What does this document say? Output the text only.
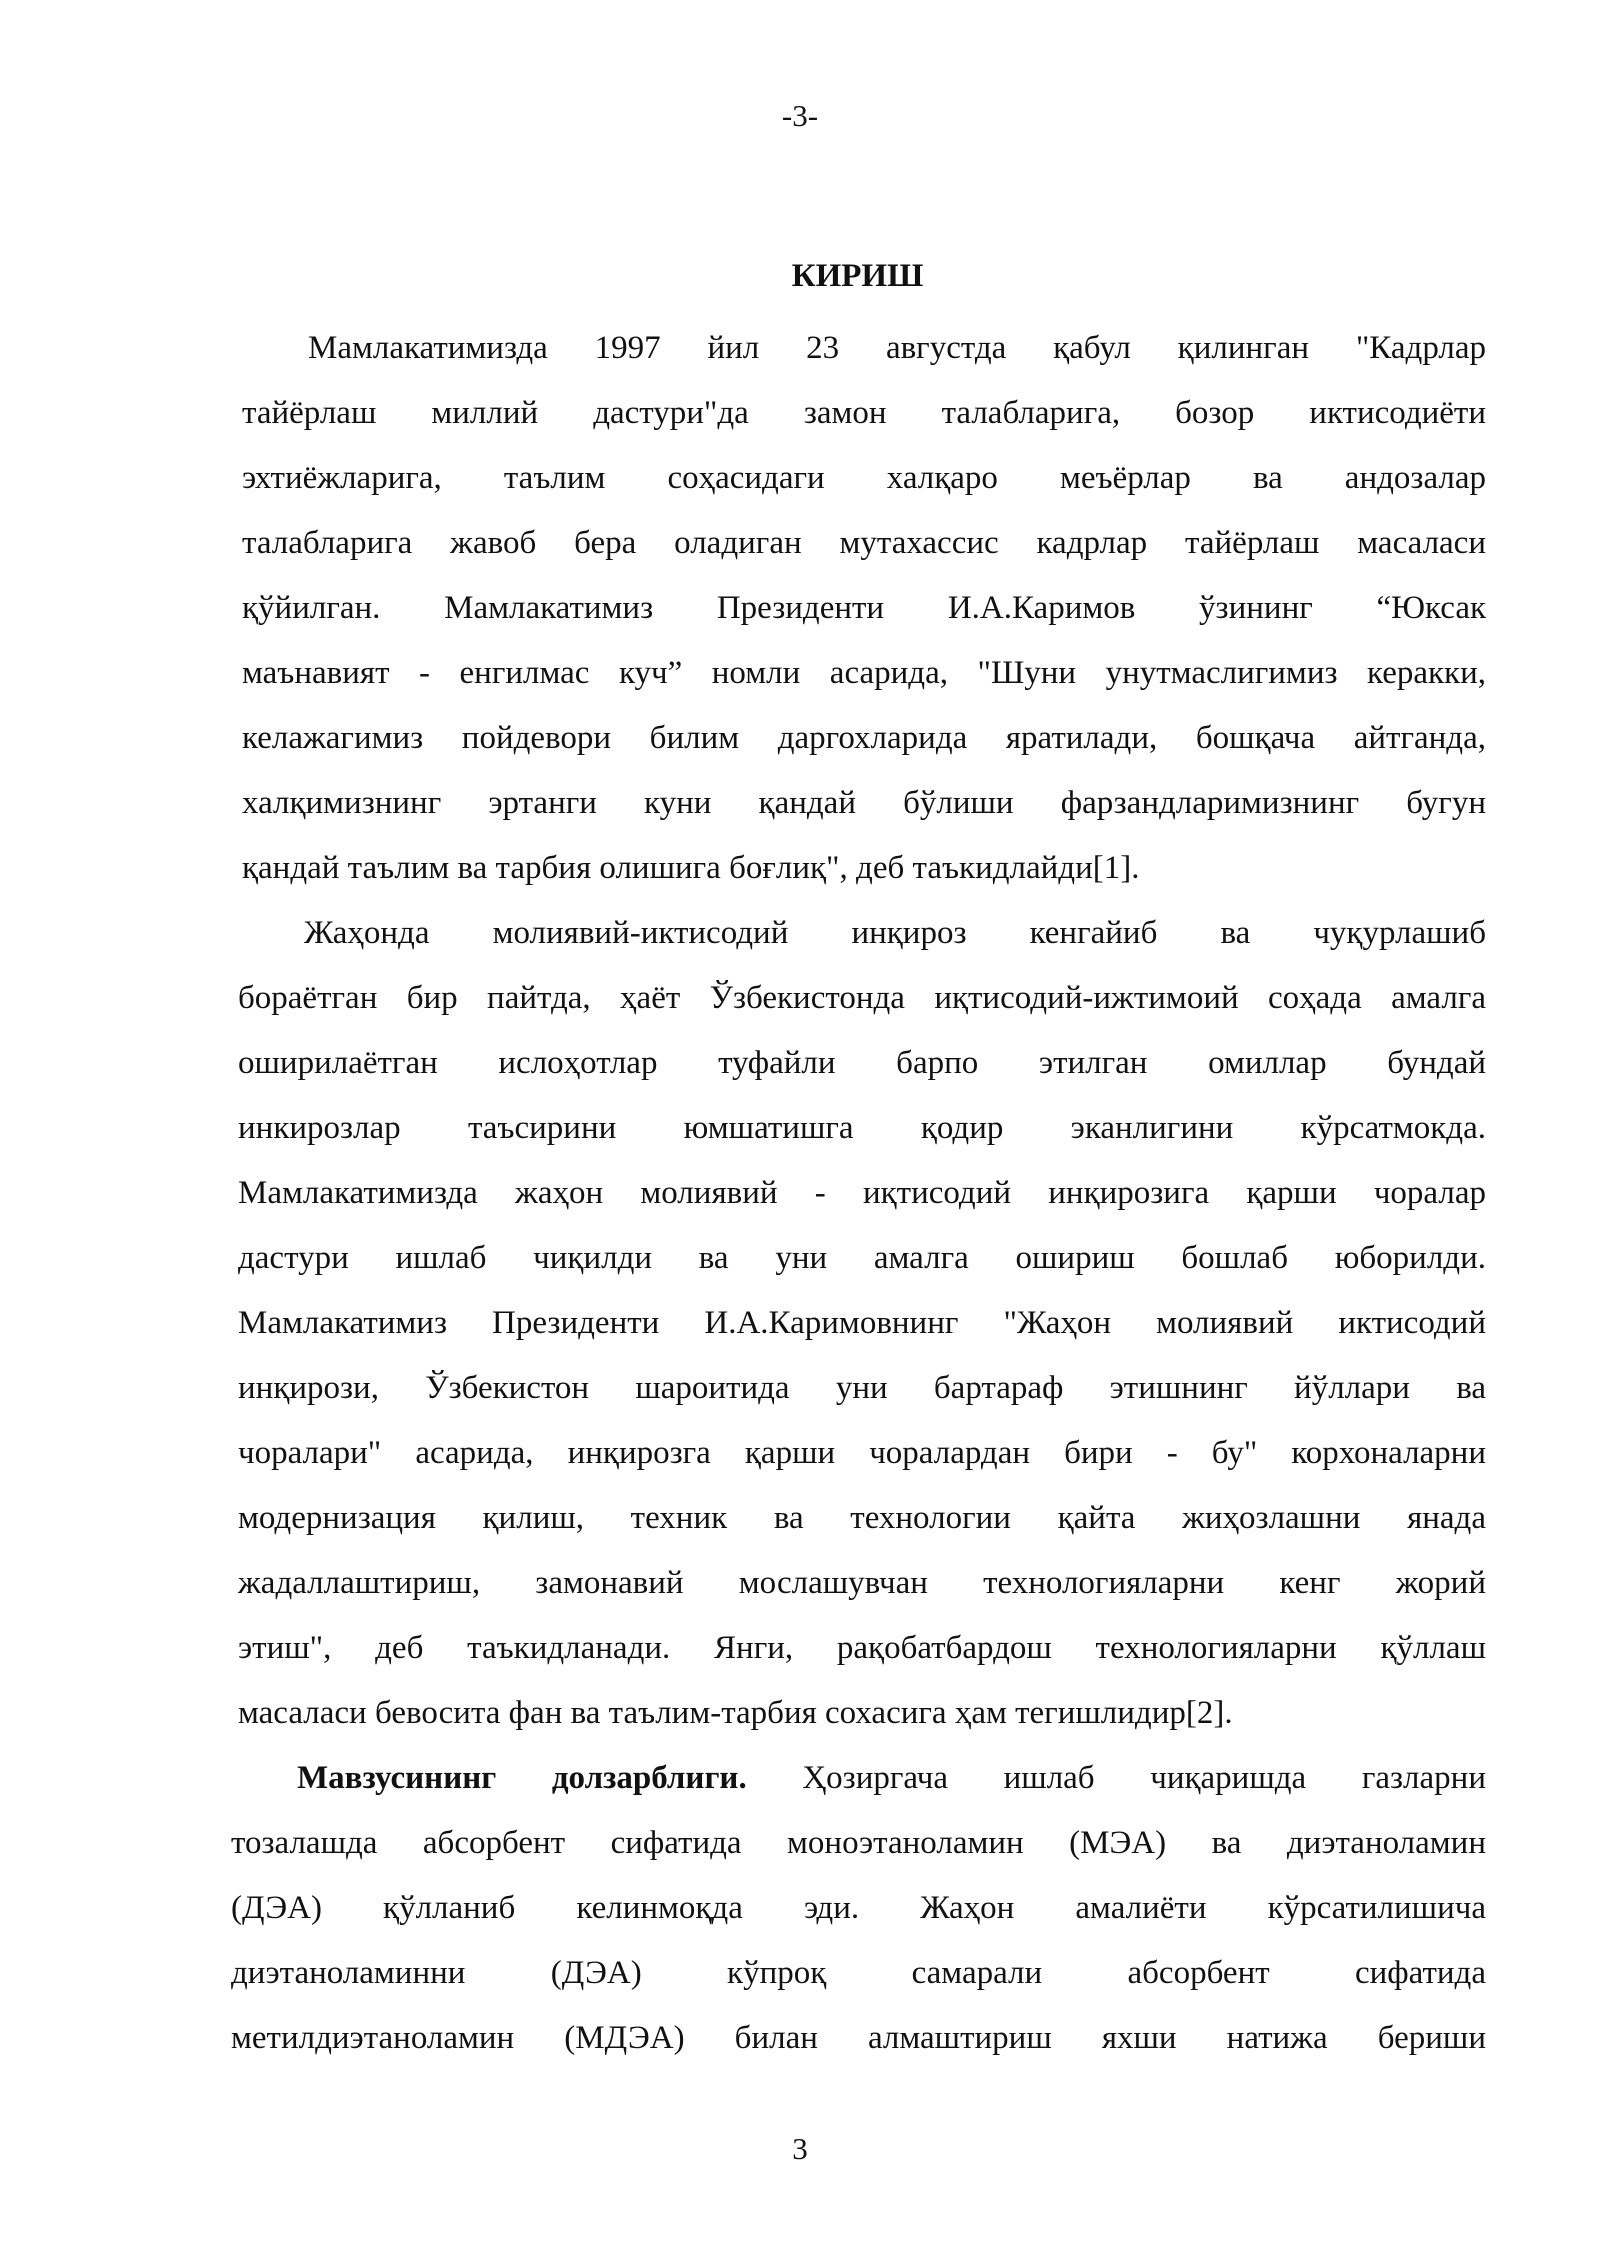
-3-
КИРИШ
Мамлакатимизда 1997 йил 23 августда қабул қилинган "Кадрлар
тайёрлаш миллий дастури"да замон талабларига, бозор иктисодиёти
эхтиёжларига, таълим соҳасидаги халқаро меъёрлар ва андозалар
талабларига жавоб бера оладиган мутахассис кадрлар тайёрлаш масаласи
қўйилган. Мамлакатимиз Президенти И.А.Каримов ўзининг “Юксак
маънавият - енгилмас куч” номли асарида, "Шуни унутмаслигимиз керакки,
келажагимиз пойдевори билим даргохларида яратилади, бошқача айтганда,
халқимизнинг эртанги куни қандай бўлиши фарзандларимизнинг бугун
қандай таълим ва тарбия олишига боғлиқ", деб таъкидлайди[1].
Жаҳонда молиявий-иктисодий инқироз кенгайиб ва чуқурлашиб
бораётган бир пайтда, ҳаёт Ўзбекистонда иқтисодий-ижтимоий соҳада амалга
оширилаётган ислоҳотлар туфайли барпо этилган омиллар бундай
инкирозлар таъсирини юмшатишга қодир эканлигини кўрсатмокда.
Мамлакатимизда жаҳон молиявий - иқтисодий инқирозига қарши чоралар
дастури ишлаб чиқилди ва уни амалга ошириш бошлаб юборилди.
Мамлакатимиз Президенти И.А.Каримовнинг "Жаҳон молиявий иктисодий
инқирози, Ўзбекистон шароитида уни бартараф этишнинг йўллари ва
чоралари" асарида, инқирозга қарши чоралардан бири - бу" корхоналарни
модернизация қилиш, техник ва технологии қайта жиҳозлашни янада
жадаллаштириш, замонавий мослашувчан технологияларни кенг жорий
этиш", деб таъкидланади. Янги, рақобатбардош технологияларни қўллаш
масаласи бевосита фан ва таълим-тарбия сохасига ҳам тегишлидир[2].
Мавзусининг долзарблиги. Ҳозиргача ишлаб чиқаришда газларни
тозалашда абсорбент сифатида моноэтаноламин (МЭА) ва диэтаноламин
(ДЭА) қўлланиб келинмоқда эди. Жаҳон амалиёти кўрсатилишича
диэтаноламинни (ДЭА) кўпроқ самарали абсорбент сифатида
метилдиэтаноламин (МДЭА) билан алмаштириш яхши натижа бериши
3
